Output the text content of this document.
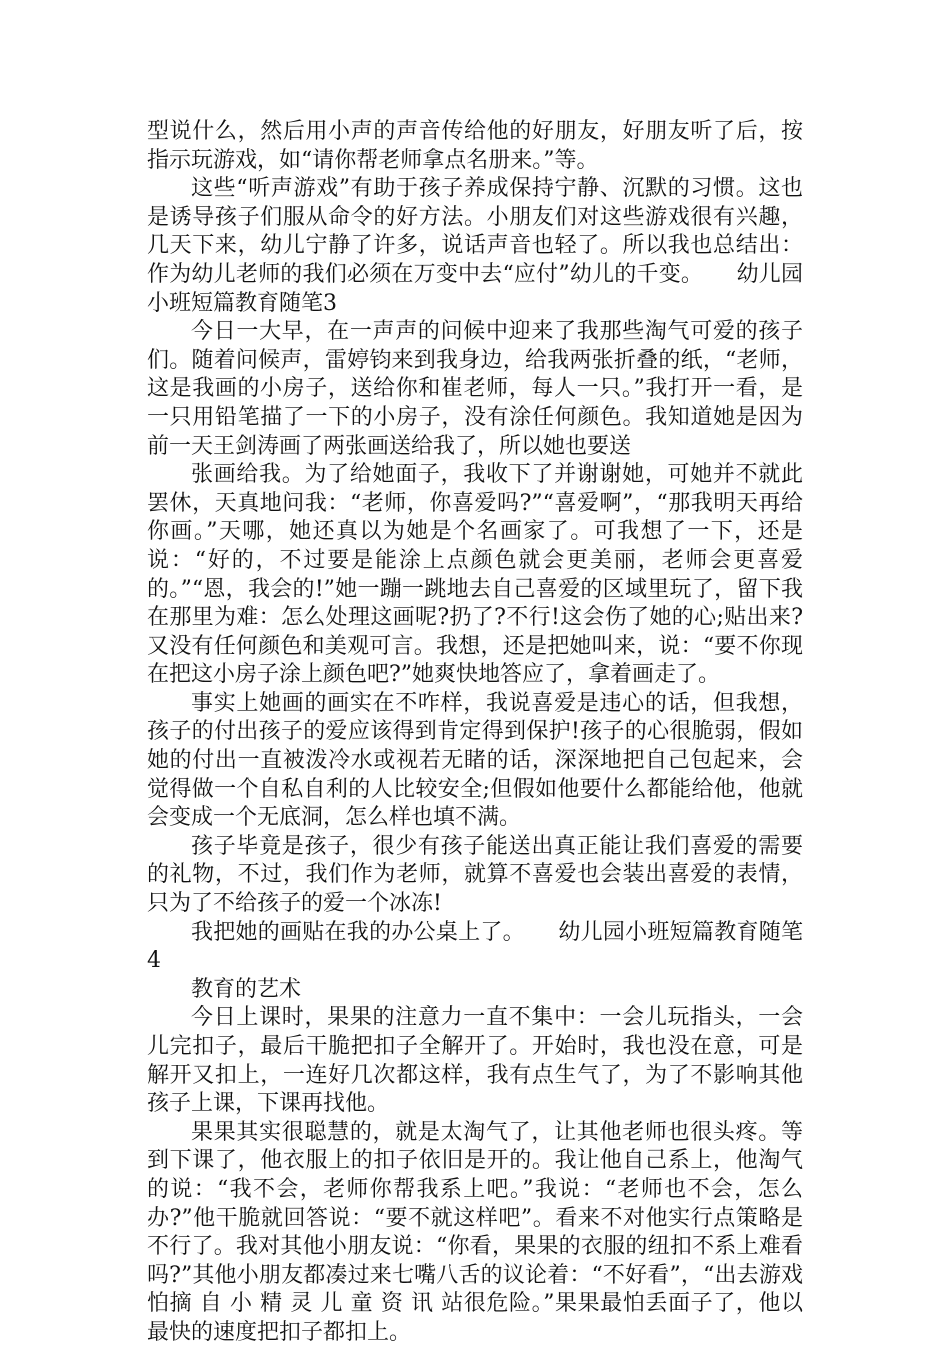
型说什么，然后用小声的声音传给他的好朋友，好朋友听了后，按指示玩游戏，如“请你帮老师拿点名册来。”等。

这些“听声游戏”有助于孩子养成保持宁静、沉默的习惯。这也是诱导孩子们服从命令的好方法。小朋友们对这些游戏很有兴趣，几天下来，幼儿宁静了许多，说话声音也轻了。所以我也总结出：作为幼儿老师的我们必须在万变中去“应付”幼儿的千变。　　幼儿园小班短篇教育随笔3

今日一大早，在一声声的问候中迎来了我那些淘气可爱的孩子们。随着问候声，雷婷钧来到我身边，给我两张折叠的纸，“老师，这是我画的小房子，送给你和崔老师，每人一只。”我打开一看，是一只用铅笔描了一下的小房子，没有涂任何颜色。我知道她是因为前一天王剑涛画了两张画送给我了，所以她也要送

张画给我。为了给她面子，我收下了并谢谢她，可她并不就此罢休，天真地问我：“老师，你喜爱吗?”“喜爱啊”，“那我明天再给你画。”天哪，她还真以为她是个名画家了。可我想了一下，还是说：“好的，不过要是能涂上点颜色就会更美丽，老师会更喜爱的。”“恩，我会的!”她一蹦一跳地去自己喜爱的区域里玩了，留下我在那里为难：怎么处理这画呢?扔了?不行!这会伤了她的心;贴出来?又没有任何颜色和美观可言。我想，还是把她叫来，说：“要不你现在把这小房子涂上颜色吧?”她爽快地答应了，拿着画走了。

事实上她画的画实在不咋样，我说喜爱是违心的话，但我想，孩子的付出孩子的爱应该得到肯定得到保护!孩子的心很脆弱，假如她的付出一直被泼冷水或视若无睹的话，深深地把自己包起来，会觉得做一个自私自利的人比较安全;但假如他要什么都能给他，他就会变成一个无底洞，怎么样也填不满。

孩子毕竟是孩子，很少有孩子能送出真正能让我们喜爱的需要的礼物，不过，我们作为老师，就算不喜爱也会装出喜爱的表情，只为了不给孩子的爱一个冰冻!

我把她的画贴在我的办公桌上了。　　幼儿园小班短篇教育随笔4

教育的艺术

今日上课时，果果的注意力一直不集中：一会儿玩指头，一会儿完扣子，最后干脆把扣子全解开了。开始时，我也没在意，可是解开又扣上，一连好几次都这样，我有点生气了，为了不影响其他孩子上课，下课再找他。

果果其实很聪慧的，就是太淘气了，让其他老师也很头疼。等到下课了，他衣服上的扣子依旧是开的。我让他自己系上，他淘气的说：“我不会，老师你帮我系上吧。”我说：“老师也不会，怎么办?”他干脆就回答说：“要不就这样吧”。看来不对他实行点策略是不行了。我对其他小朋友说：“你看，果果的衣服的纽扣不系上难看吗?”其他小朋友都凑过来七嘴八舌的议论着：“不好看”，“出去游戏怕摘 自 小 精 灵 儿 童 资 讯 站很危险。”果果最怕丢面子了，他以最快的速度把扣子都扣上。
